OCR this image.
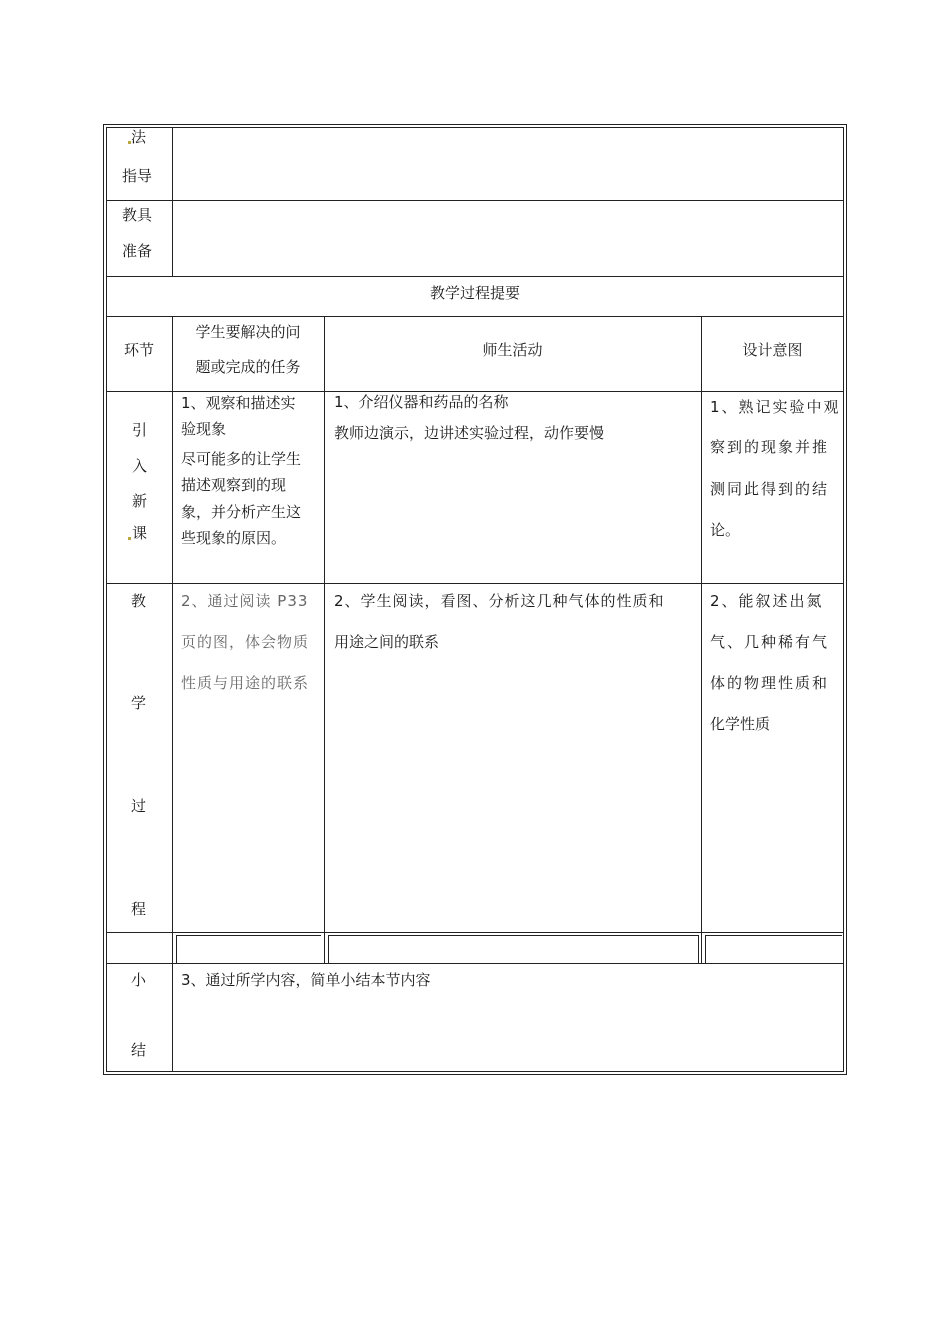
法
指导
教具
准备
教学过程提要
环节
学生要解决的问
题或完成的任务
师生活动	设计意图
引
入
新
课
1、观察和描述实
验现象
尽可能多的让学生
描述观察到的现
象，并分析产生这
些现象的原因。
1、介绍仪器和药品的名称
教师边演示，边讲述实验过程，动作要慢
1、熟记实验中观
察到的现象并推
测同此得到的结
论。
教
学
过
程
2、通过阅读 P33
页的图，体会物质
性质与用途的联系
2、学生阅读，看图、分析这几种气体的性质和
用途之间的联系
2、能叙述出氮
气、几种稀有气
体的物理性质和
化学性质
小
结
3、通过所学内容，简单小结本节内容
